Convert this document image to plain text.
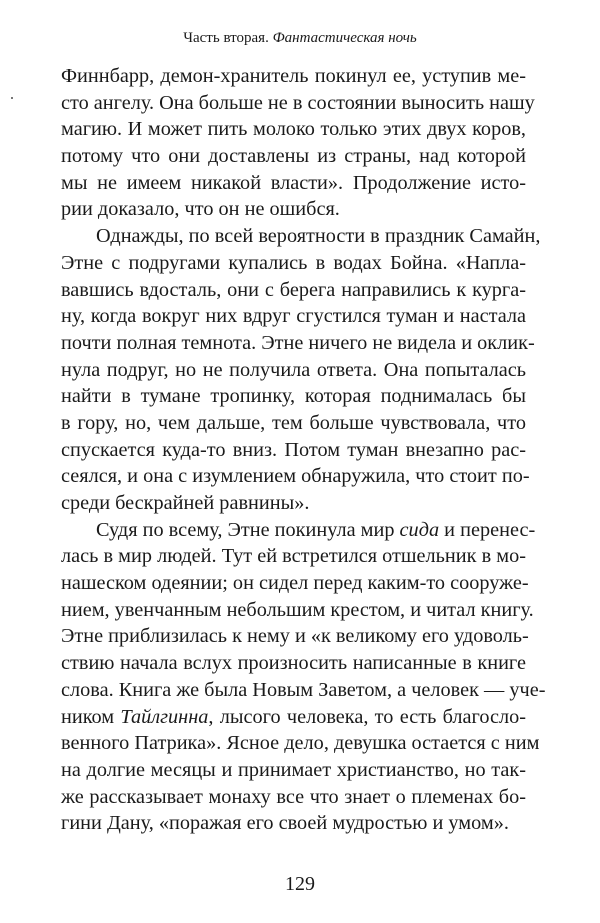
Часть вторая. Фантастическая ночь
Финнбарр, демон-хранитель покинул ее, уступив ме-
сто ангелу. Она больше не в состоянии выносить нашу
магию. И может пить молоко только этих двух коров,
потому что они доставлены из страны, над которой
мы не имеем никакой власти». Продолжение исто-
рии доказало, что он не ошибся.
Однажды, по всей вероятности в праздник Самайн,
Этне с подругами купались в водах Бойна. «Напла-
вавшись вдосталь, они с берега направились к курга-
ну, когда вокруг них вдруг сгустился туман и настала
почти полная темнота. Этне ничего не видела и оклик-
нула подруг, но не получила ответа. Она попыталась
найти в тумане тропинку, которая поднималась бы
в гору, но, чем дальше, тем больше чувствовала, что
спускается куда-то вниз. Потом туман внезапно рас-
сеялся, и она с изумлением обнаружила, что стоит по-
среди бескрайней равнины».
Судя по всему, Этне покинула мир сида и перенес-
лась в мир людей. Тут ей встретился отшельник в мо-
нашеском одеянии; он сидел перед каким-то сооруже-
нием, увенчанным небольшим крестом, и читал книгу.
Этне приблизилась к нему и «к великому его удоволь-
ствию начала вслух произносить написанные в книге
слова. Книга же была Новым Заветом, а человек — уче-
ником Тайлгинна, лысого человека, то есть благосло-
венного Патрика». Ясное дело, девушка остается с ним
на долгие месяцы и принимает христианство, но так-
же рассказывает монаху все что знает о племенах бо-
гини Дану, «поражая его своей мудростью и умом».
129
